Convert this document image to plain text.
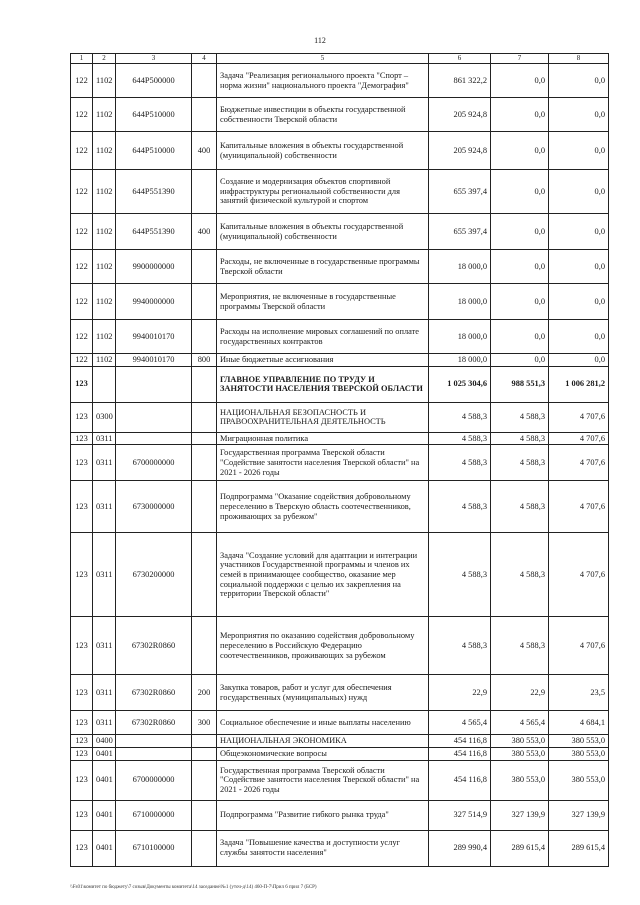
112
1	2	3	4	5	6	7	8
122	1102	644P500000		Задача "Реализация регионального проекта "Спорт – норма жизни" национального проекта "Демография"	861 322,2	0,0	0,0
122	1102	644P510000		Бюджетные инвестиции в объекты государственной собственности Тверской области	205 924,8	0,0	0,0
122	1102	644P510000	400	Капитальные вложения в объекты государственной (муниципальной) собственности	205 924,8	0,0	0,0
122	1102	644P551390		Создание и модернизация объектов спортивной инфраструктуры региональной собственности для занятий физической культурой и спортом	655 397,4	0,0	0,0
122	1102	644P551390	400	Капитальные вложения в объекты государственной (муниципальной) собственности	655 397,4	0,0	0,0
122	1102	9900000000		Расходы, не включенные в государственные программы Тверской области	18 000,0	0,0	0,0
122	1102	9940000000		Мероприятия, не включенные в государственные программы Тверской области	18 000,0	0,0	0,0
122	1102	9940010170		Расходы на исполнение мировых соглашений по оплате государственных контрактов	18 000,0	0,0	0,0
122	1102	9940010170	800	Иные бюджетные ассигнования	18 000,0	0,0	0,0
123				ГЛАВНОЕ УПРАВЛЕНИЕ ПО ТРУДУ И ЗАНЯТОСТИ НАСЕЛЕНИЯ ТВЕРСКОЙ ОБЛАСТИ	1 025 304,6	988 551,3	1 006 281,2
123	0300			НАЦИОНАЛЬНАЯ БЕЗОПАСНОСТЬ И ПРАВООХРАНИТЕЛЬНАЯ ДЕЯТЕЛЬНОСТЬ	4 588,3	4 588,3	4 707,6
123	0311			Миграционная политика	4 588,3	4 588,3	4 707,6
123	0311	6700000000		Государственная программа Тверской области "Содействие занятости населения Тверской области" на 2021 - 2026 годы	4 588,3	4 588,3	4 707,6
123	0311	6730000000		Подпрограмма "Оказание содействия добровольному переселению в Тверскую область соотечественников, проживающих за рубежом"	4 588,3	4 588,3	4 707,6
123	0311	6730200000		Задача "Создание условий для адаптации и интеграции участников Государственной программы и членов их семей в принимающее сообщество, оказание мер социальной поддержки с целью их закрепления на территории Тверской области"	4 588,3	4 588,3	4 707,6
123	0311	67302R0860		Мероприятия по оказанию содействия добровольному переселению в Российскую Федерацию соотечественников, проживающих за рубежом	4 588,3	4 588,3	4 707,6
123	0311	67302R0860	200	Закупка товаров, работ и услуг для обеспечения государственных (муниципальных) нужд	22,9	22,9	23,5
123	0311	67302R0860	300	Социальное обеспечение и иные выплаты населению	4 565,4	4 565,4	4 684,1
123	0400			НАЦИОНАЛЬНАЯ ЭКОНОМИКА	454 116,8	380 553,0	380 553,0
123	0401			Общеэкономические вопросы	454 116,8	380 553,0	380 553,0
123	0401	6700000000		Государственная программа Тверской области "Содействие занятости населения Тверской области" на 2021 - 2026 годы	454 116,8	380 553,0	380 553,0
123	0401	6710000000		Подпрограмма "Развитие гибкого рынка труда"	327 514,9	327 139,9	327 139,9
123	0401	6710100000		Задача "Повышение качества и доступности услуг службы занятости населения"	289 990,4	289 615,4	289 615,4
\\Fs01\комитет по бюджету\7 созыв\Документы комитета\14 заседание\№1 (уточ-д\14) 460-П-7\Прил 6 прил 7 (БСР)
